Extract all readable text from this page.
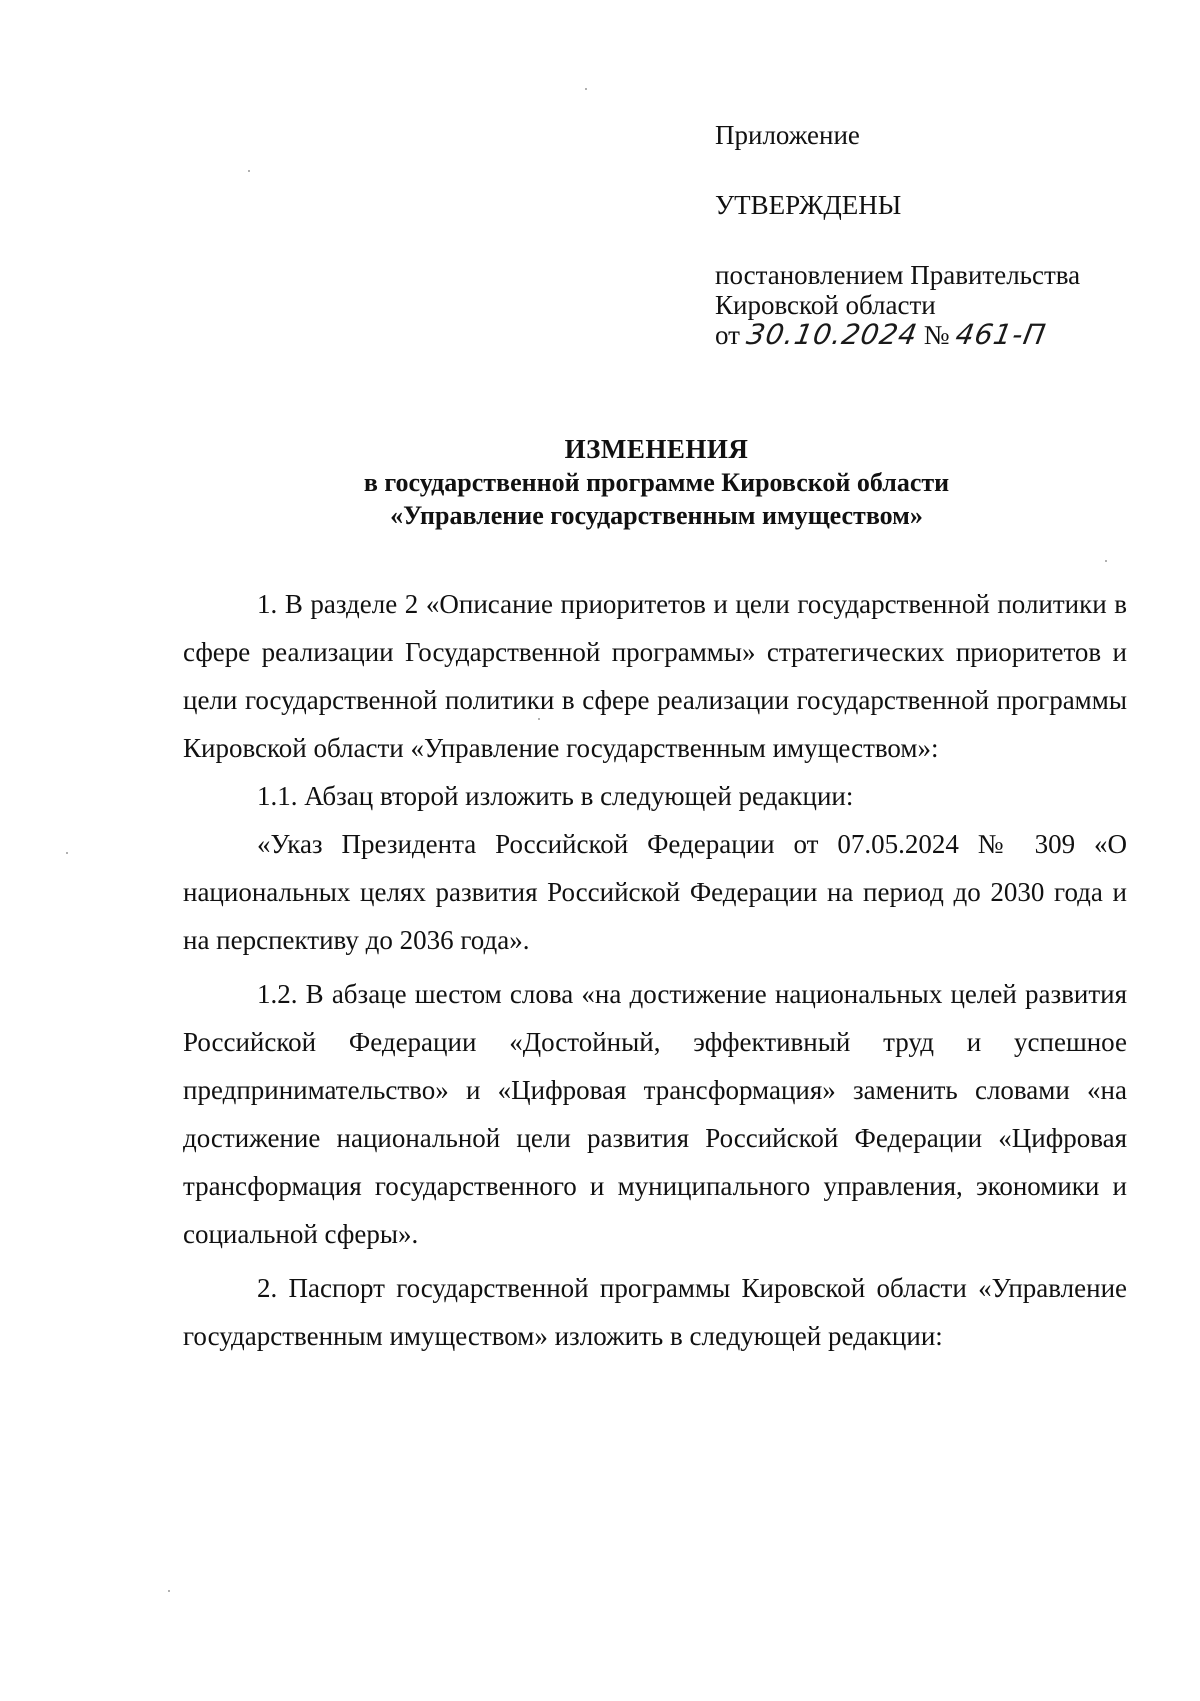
Приложение
УТВЕРЖДЕНЫ
постановлением Правительства
Кировской области
от 30.10.2024 № 461-П
ИЗМЕНЕНИЯ
в государственной программе Кировской области
«Управление государственным имуществом»

1. В разделе 2 «Описание приоритетов и цели государственной политики в сфере реализации Государственной программы» стратегических приоритетов и цели государственной политики в сфере реализации государственной программы Кировской области «Управление государственным имуществом»:

1.1. Абзац второй изложить в следующей редакции:

«Указ Президента Российской Федерации от 07.05.2024 № 309 «О национальных целях развития Российской Федерации на период до 2030 года и на перспективу до 2036 года».

1.2. В абзаце шестом слова «на достижение национальных целей развития Российской Федерации «Достойный, эффективный труд и успешное предпринимательство» и «Цифровая трансформация» заменить словами «на достижение национальной цели развития Российской Федерации «Цифровая трансформация государственного и муниципального управления, экономики и социальной сферы».

2. Паспорт государственной программы Кировской области «Управление государственным имуществом» изложить в следующей редакции:
